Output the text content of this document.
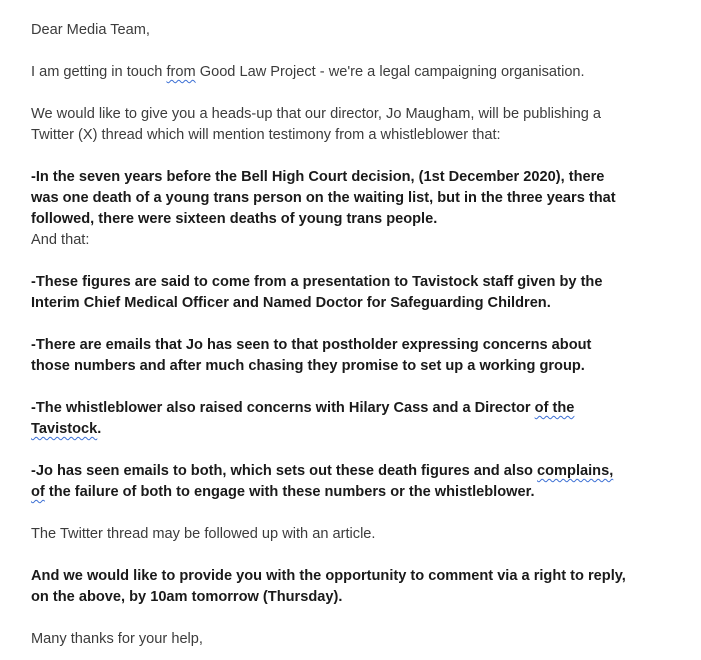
Dear Media Team,

I am getting in touch from Good Law Project - we're a legal campaigning organisation.

We would like to give you a heads-up that our director, Jo Maugham, will be publishing a
Twitter (X) thread which will mention testimony from a whistleblower that:
-In the seven years before the Bell High Court decision, (1st December 2020), there
was one death of a young trans person on the waiting list, but in the three years that
followed, there were sixteen deaths of young trans people.

And that:

-These figures are said to come from a presentation to Tavistock staff given by the
Interim Chief Medical Officer and Named Doctor for Safeguarding Children.
-There are emails that Jo has seen to that postholder expressing concerns about
those numbers and after much chasing they promise to set up a working group.
-The whistleblower also raised concerns with Hilary Cass and a Director of the
Tavistock.
-Jo has seen emails to both, which sets out these death figures and also complains,
of the failure of both to engage with these numbers or the whistleblower.

The Twitter thread may be followed up with an article.

And we would like to provide you with the opportunity to comment via a right to reply,
on the above, by 10am tomorrow (Thursday).

Many thanks for your help,
